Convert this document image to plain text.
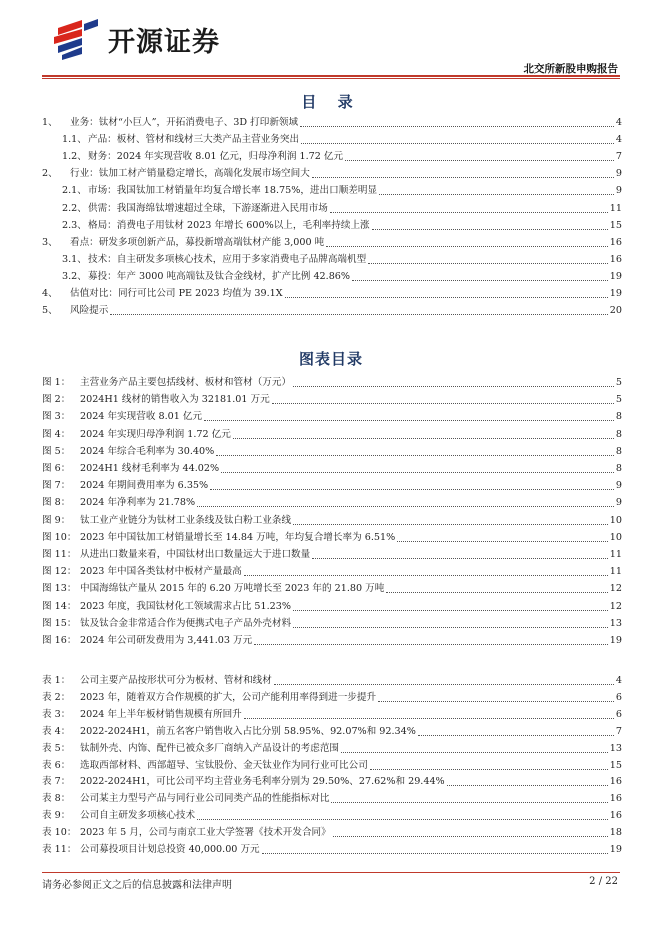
开源证券
北交所新股申购报告
目 录
1、	业务：钛材“小巨人”，开拓消费电子、3D 打印新领域	4
1.1、 产品：板材、管材和线材三大类产品主营业务突出	4
1.2、 财务：2024 年实现营收 8.01 亿元，归母净利润 1.72 亿元	7
2、	行业：钛加工材产销量稳定增长，高端化发展市场空间大	9
2.1、 市场：我国钛加工材销量年均复合增长率 18.75%，进出口顺差明显	9
2.2、 供需：我国海绵钛增速超过全球，下游逐渐进入民用市场	11
2.3、 格局：消费电子用钛材 2023 年增长 600%以上，毛利率持续上涨	15
3、	看点：研发多项创新产品，募投新增高端钛材产能 3,000 吨	16
3.1、 技术：自主研发多项核心技术，应用于多家消费电子品牌高端机型	16
3.2、 募投：年产 3000 吨高端钛及钛合金线材，扩产比例 42.86%	19
4、	估值对比：同行可比公司 PE 2023 均值为 39.1X	19
5、	风险提示	20
图表目录
图 1：	主营业务产品主要包括线材、板材和管材（万元）	5
图 2：	2024H1 线材的销售收入为 32181.01 万元	5
图 3：	2024 年实现营收 8.01 亿元	8
图 4：	2024 年实现归母净利润 1.72 亿元	8
图 5：	2024 年综合毛利率为 30.40%	8
图 6：	2024H1 线材毛利率为 44.02%	8
图 7：	2024 年期间费用率为 6.35%	9
图 8：	2024 年净利率为 21.78%	9
图 9：	钛工业产业链分为钛材工业条线及钛白粉工业条线	10
图 10： 2023 年中国钛加工材销量增长至 14.84 万吨，年均复合增长率为 6.51%	10
图 11： 从进出口数量来看，中国钛材出口数量远大于进口数量	11
图 12： 2023 年中国各类钛材中板材产量最高	11
图 13： 中国海绵钛产量从 2015 年的 6.20 万吨增长至 2023 年的 21.80 万吨	12
图 14： 2023 年度，我国钛材化工领域需求占比 51.23%	12
图 15： 钛及钛合金非常适合作为便携式电子产品外壳材料	13
图 16： 2024 年公司研发费用为 3,441.03 万元	19
表 1：	公司主要产品按形状可分为板材、管材和线材	4
表 2：	2023 年，随着双方合作规模的扩大，公司产能利用率得到进一步提升	6
表 3：	2024 年上半年板材销售规模有所回升	6
表 4：	2022-2024H1，前五名客户销售收入占比分别 58.95%、92.07%和 92.34%	7
表 5：	钛制外壳、内饰、配件已被众多厂商纳入产品设计的考虑范围	13
表 6：	选取西部材料、西部超导、宝钛股份、金天钛业作为同行业可比公司	15
表 7：	2022-2024H1，可比公司平均主营业务毛利率分别为 29.50%、27.62%和 29.44%	16
表 8：	公司某主力型号产品与同行业公司同类产品的性能指标对比	16
表 9：	公司自主研发多项核心技术	16
表 10： 2023 年 5 月，公司与南京工业大学签署《技术开发合同》	18
表 11： 公司募投项目计划总投资 40,000.00 万元	19
请务必参阅正文之后的信息披露和法律声明	2 / 22
